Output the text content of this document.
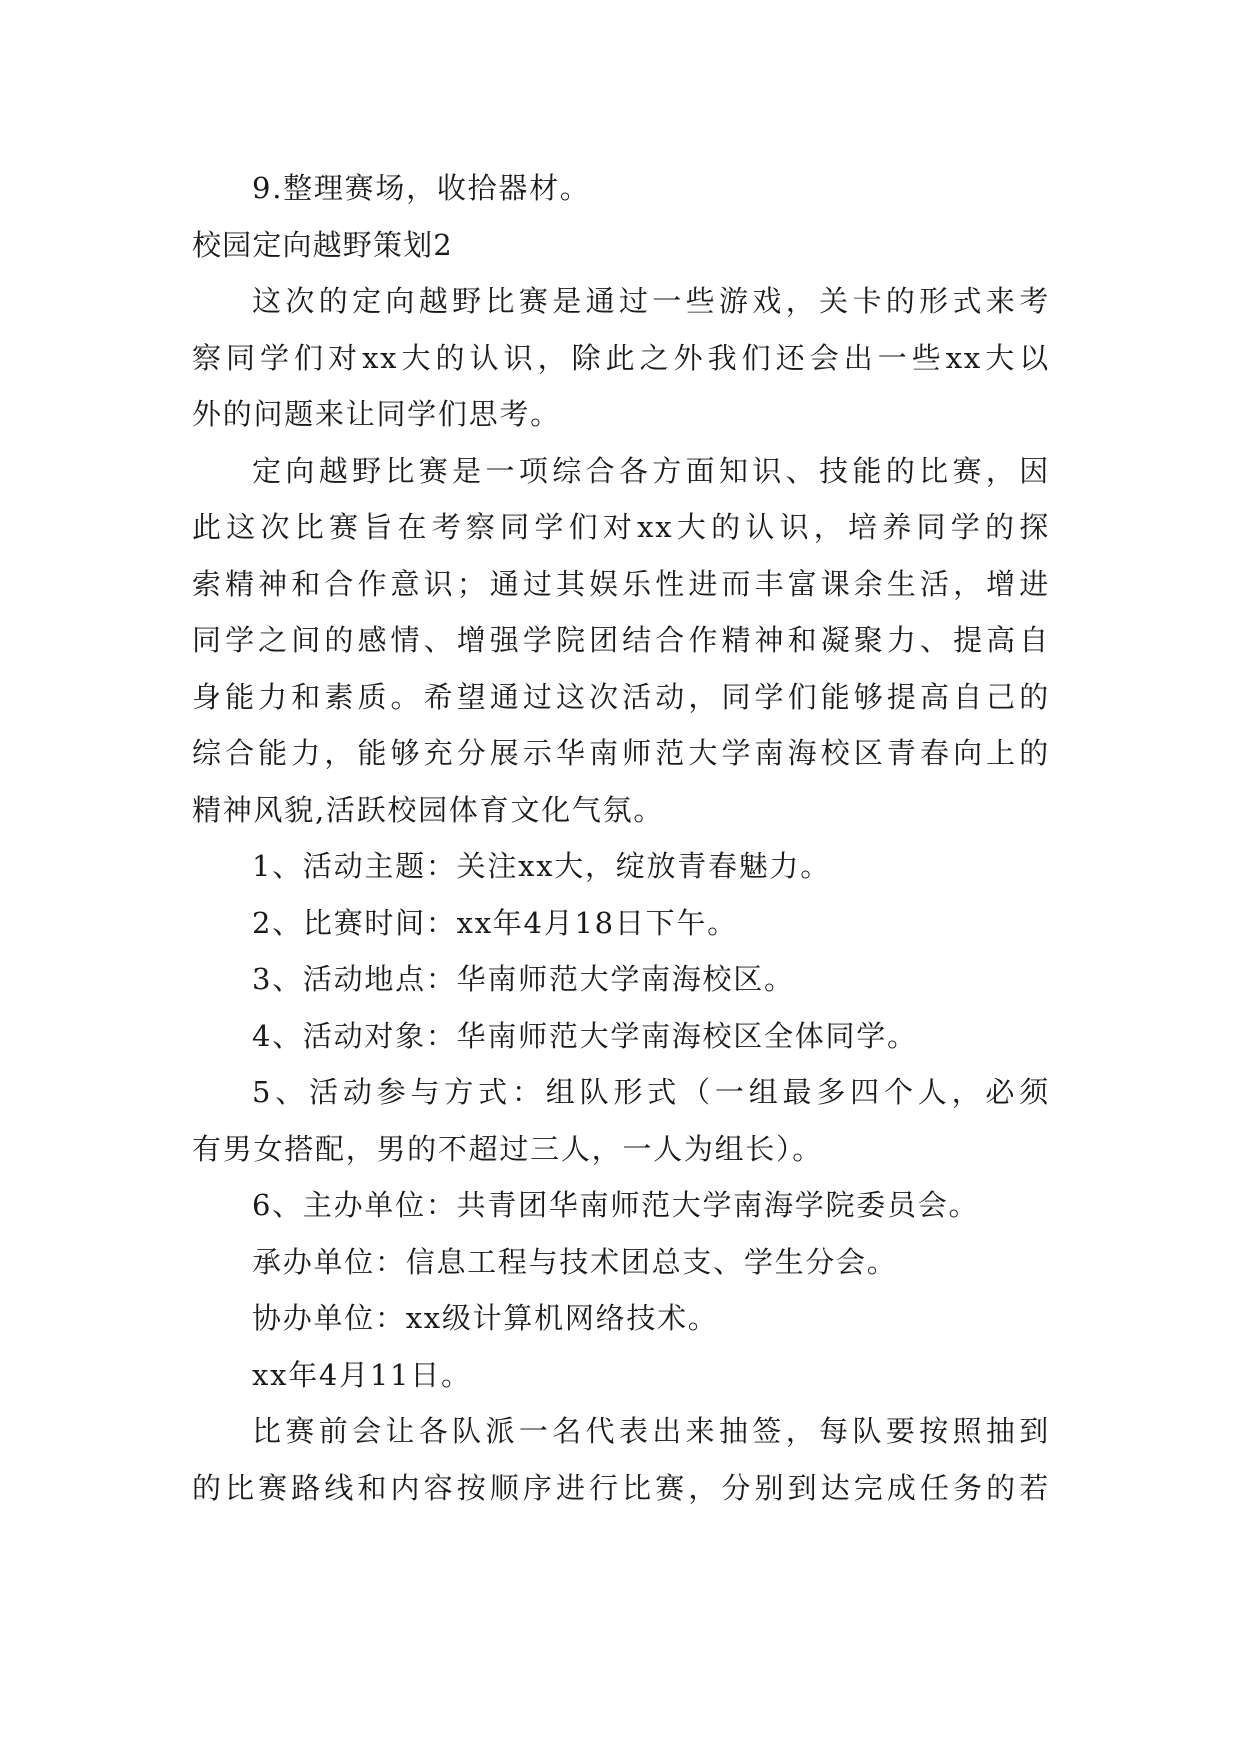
9.整理赛场，收拾器材。
校园定向越野策划2
这次的定向越野比赛是通过一些游戏，关卡的形式来考
察同学们对xx大的认识，除此之外我们还会出一些xx大以
外的问题来让同学们思考。
定向越野比赛是一项综合各方面知识、技能的比赛，因
此这次比赛旨在考察同学们对xx大的认识，培养同学的探
索精神和合作意识；通过其娱乐性进而丰富课余生活，增进
同学之间的感情、增强学院团结合作精神和凝聚力、提高自
身能力和素质。希望通过这次活动，同学们能够提高自己的
综合能力，能够充分展示华南师范大学南海校区青春向上的
精神风貌,活跃校园体育文化气氛。
1、活动主题：关注xx大，绽放青春魅力。
2、比赛时间：xx年4月18日下午。
3、活动地点：华南师范大学南海校区。
4、活动对象：华南师范大学南海校区全体同学。
5、活动参与方式：组队形式（一组最多四个人，必须
有男女搭配，男的不超过三人，一人为组长）。
6、主办单位：共青团华南师范大学南海学院委员会。
承办单位：信息工程与技术团总支、学生分会。
协办单位：xx级计算机网络技术。
xx年4月11日。
比赛前会让各队派一名代表出来抽签，每队要按照抽到
的比赛路线和内容按顺序进行比赛，分别到达完成任务的若
